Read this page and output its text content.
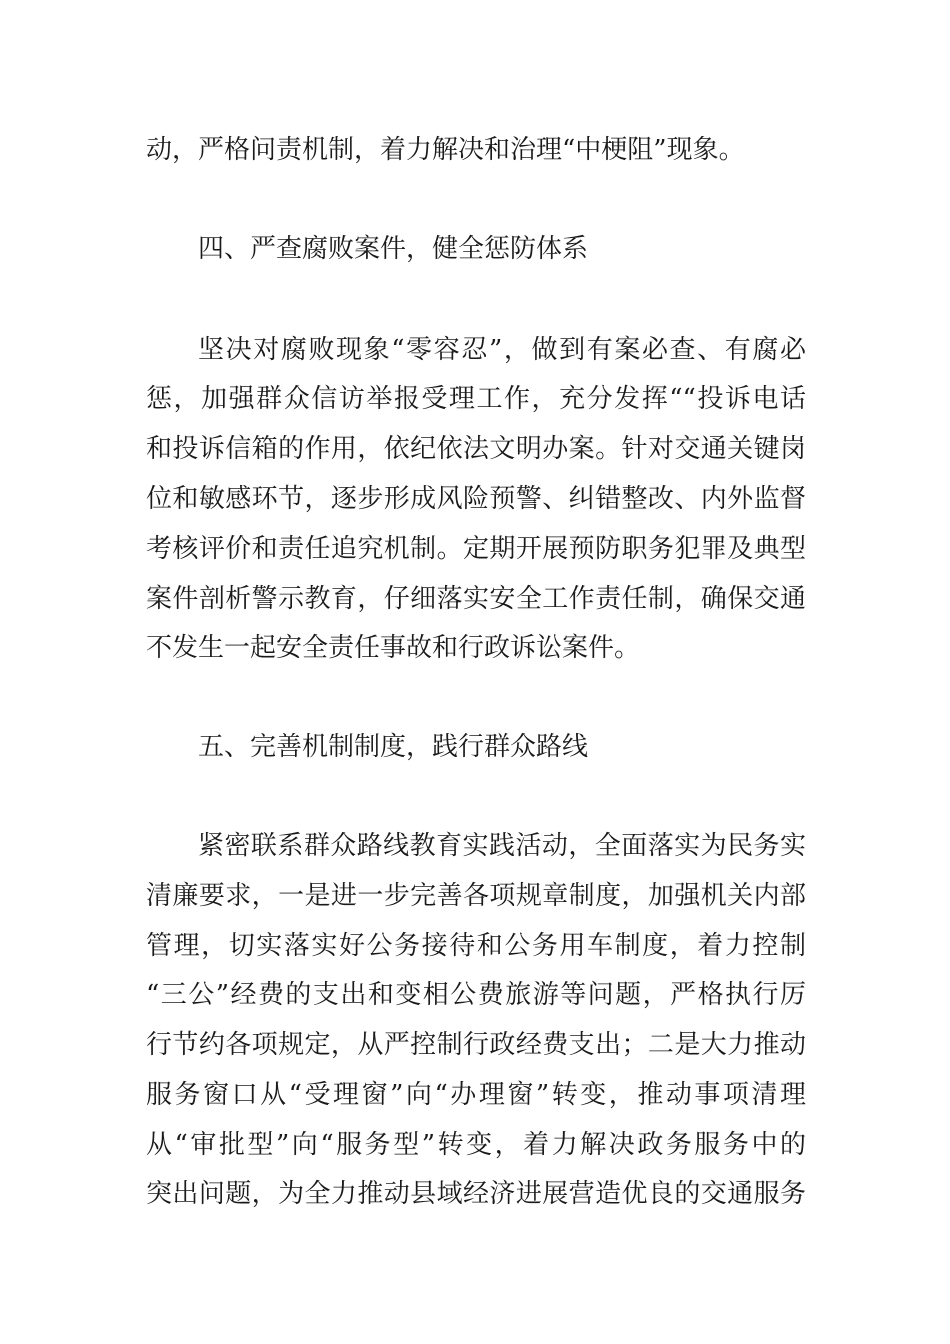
动，严格问责机制，着力解决和治理“中梗阻”现象。
四、严查腐败案件，健全惩防体系
坚决对腐败现象“零容忍”，做到有案必查、有腐必
惩，加强群众信访举报受理工作，充分发挥““投诉电话
和投诉信箱的作用，依纪依法文明办案。针对交通关键岗
位和敏感环节，逐步形成风险预警、纠错整改、内外监督
考核评价和责任追究机制。定期开展预防职务犯罪及典型
案件剖析警示教育，仔细落实安全工作责任制，确保交通
不发生一起安全责任事故和行政诉讼案件。
五、完善机制制度，践行群众路线
紧密联系群众路线教育实践活动，全面落实为民务实
清廉要求，一是进一步完善各项规章制度，加强机关内部
管理，切实落实好公务接待和公务用车制度，着力控制
“三公”经费的支出和变相公费旅游等问题，严格执行厉
行节约各项规定，从严控制行政经费支出；二是大力推动
服务窗口从“受理窗”向“办理窗”转变，推动事项清理
从“审批型”向“服务型”转变，着力解决政务服务中的
突出问题，为全力推动县域经济进展营造优良的交通服务
